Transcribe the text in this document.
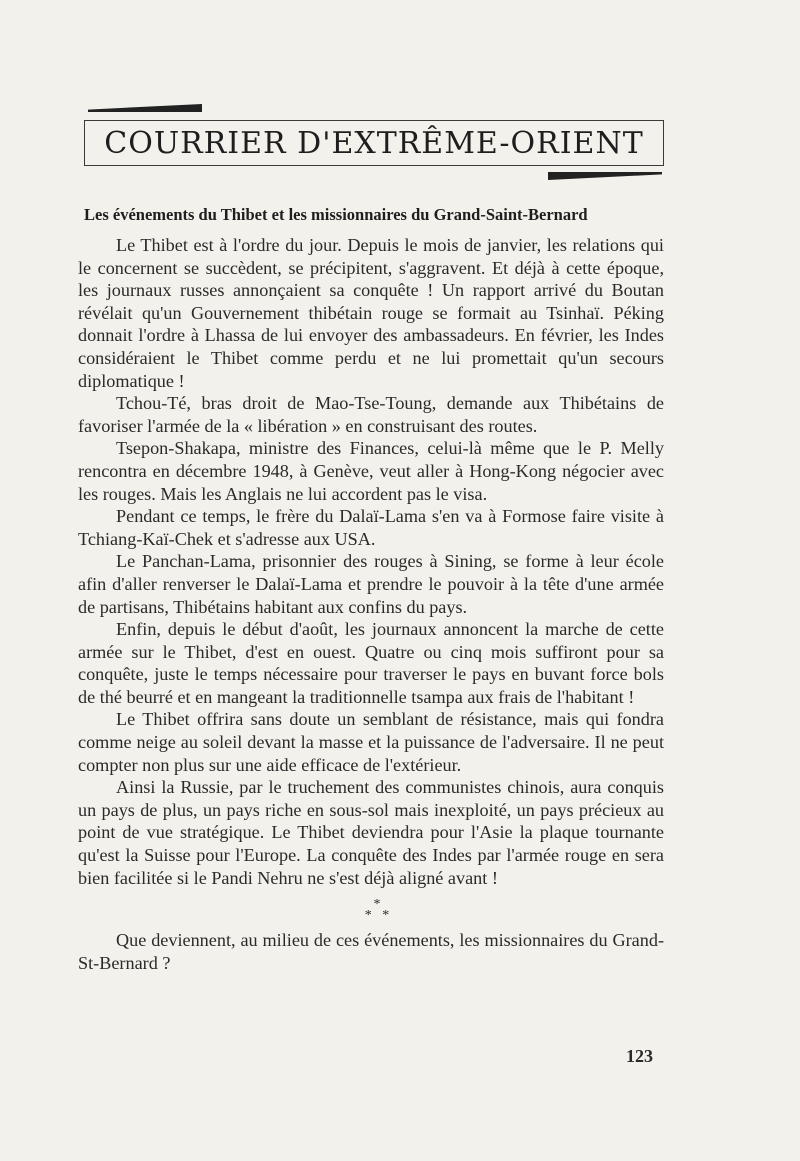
COURRIER D'EXTRÊME-ORIENT
Les événements du Thibet et les missionnaires du Grand-Saint-Bernard

Le Thibet est à l'ordre du jour. Depuis le mois de janvier, les relations qui le concernent se succèdent, se précipitent, s'aggravent. Et déjà à cette époque, les journaux russes annonçaient sa conquête ! Un rapport arrivé du Boutan révélait qu'un Gouvernement thibétain rouge se formait au Tsinhaï. Péking donnait l'ordre à Lhassa de lui envoyer des ambassadeurs. En février, les Indes considéraient le Thibet comme perdu et ne lui promettait qu'un secours diplomatique !

Tchou-Té, bras droit de Mao-Tse-Toung, demande aux Thibétains de favoriser l'armée de la « libération » en construisant des routes.

Tsepon-Shakapa, ministre des Finances, celui-là même que le P. Melly rencontra en décembre 1948, à Genève, veut aller à Hong-Kong négocier avec les rouges. Mais les Anglais ne lui accordent pas le visa.

Pendant ce temps, le frère du Dalaï-Lama s'en va à Formose faire visite à Tchiang-Kaï-Chek et s'adresse aux USA.

Le Panchan-Lama, prisonnier des rouges à Sining, se forme à leur école afin d'aller renverser le Dalaï-Lama et prendre le pouvoir à la tête d'une armée de partisans, Thibétains habitant aux confins du pays.

Enfin, depuis le début d'août, les journaux annoncent la marche de cette armée sur le Thibet, d'est en ouest. Quatre ou cinq mois suffiront pour sa conquête, juste le temps nécessaire pour traverser le pays en buvant force bols de thé beurré et en mangeant la traditionnelle tsampa aux frais de l'habitant !

Le Thibet offrira sans doute un semblant de résistance, mais qui fondra comme neige au soleil devant la masse et la puissance de l'adversaire. Il ne peut compter non plus sur une aide efficace de l'extérieur.

Ainsi la Russie, par le truchement des communistes chinois, aura conquis un pays de plus, un pays riche en sous-sol mais inexploité, un pays précieux au point de vue stratégique. Le Thibet deviendra pour l'Asie la plaque tournante qu'est la Suisse pour l'Europe. La conquête des Indes par l'armée rouge en sera bien facilitée si le Pandi Nehru ne s'est déjà aligné avant !

*
*   *

Que deviennent, au milieu de ces événements, les missionnaires du Grand-St-Bernard ?

123
